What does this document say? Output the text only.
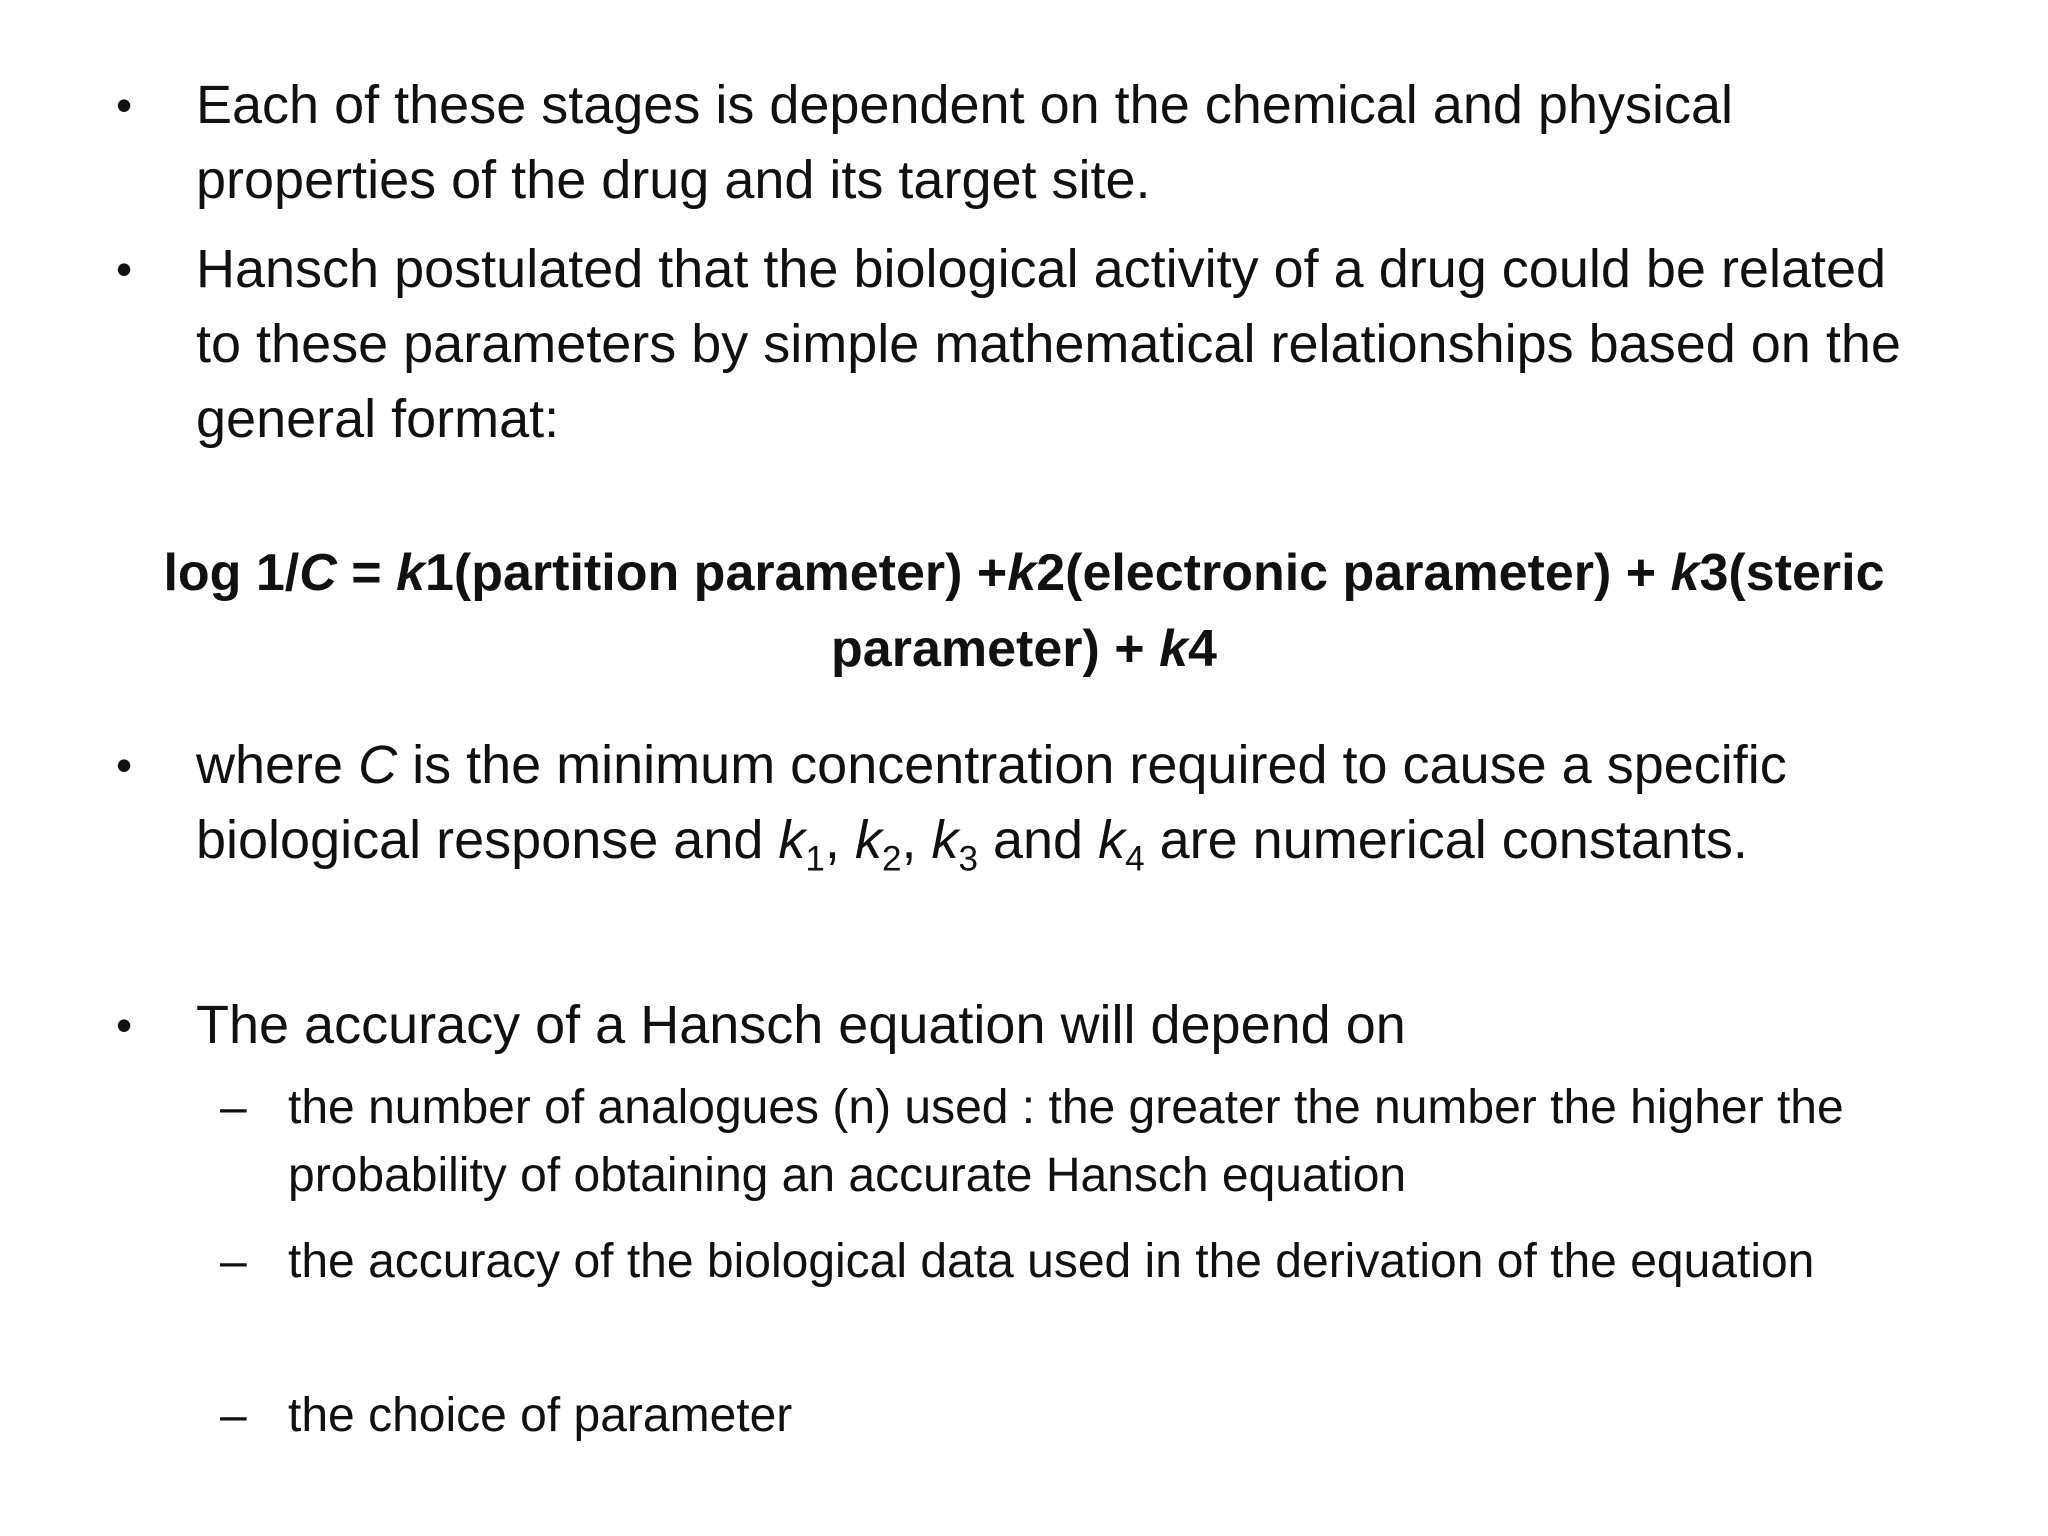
• Each of these stages is dependent on the chemical and physical properties of the drug and its target site.
• Hansch postulated that the biological activity of a drug could be related to these parameters by simple mathematical relationships based on the general format:
log 1/C = k1(partition parameter) +k2(electronic parameter) + k3(steric parameter) + k4
• where C is the minimum concentration required to cause a specific biological response and $k_1$, $k_2$, $k_3$ and $k_4$ are numerical constants.
• The accuracy of a Hansch equation will depend on
– the number of analogues (n) used : the greater the number the higher the probability of obtaining an accurate Hansch equation
– the accuracy of the biological data used in the derivation of the equation
– the choice of parameter
